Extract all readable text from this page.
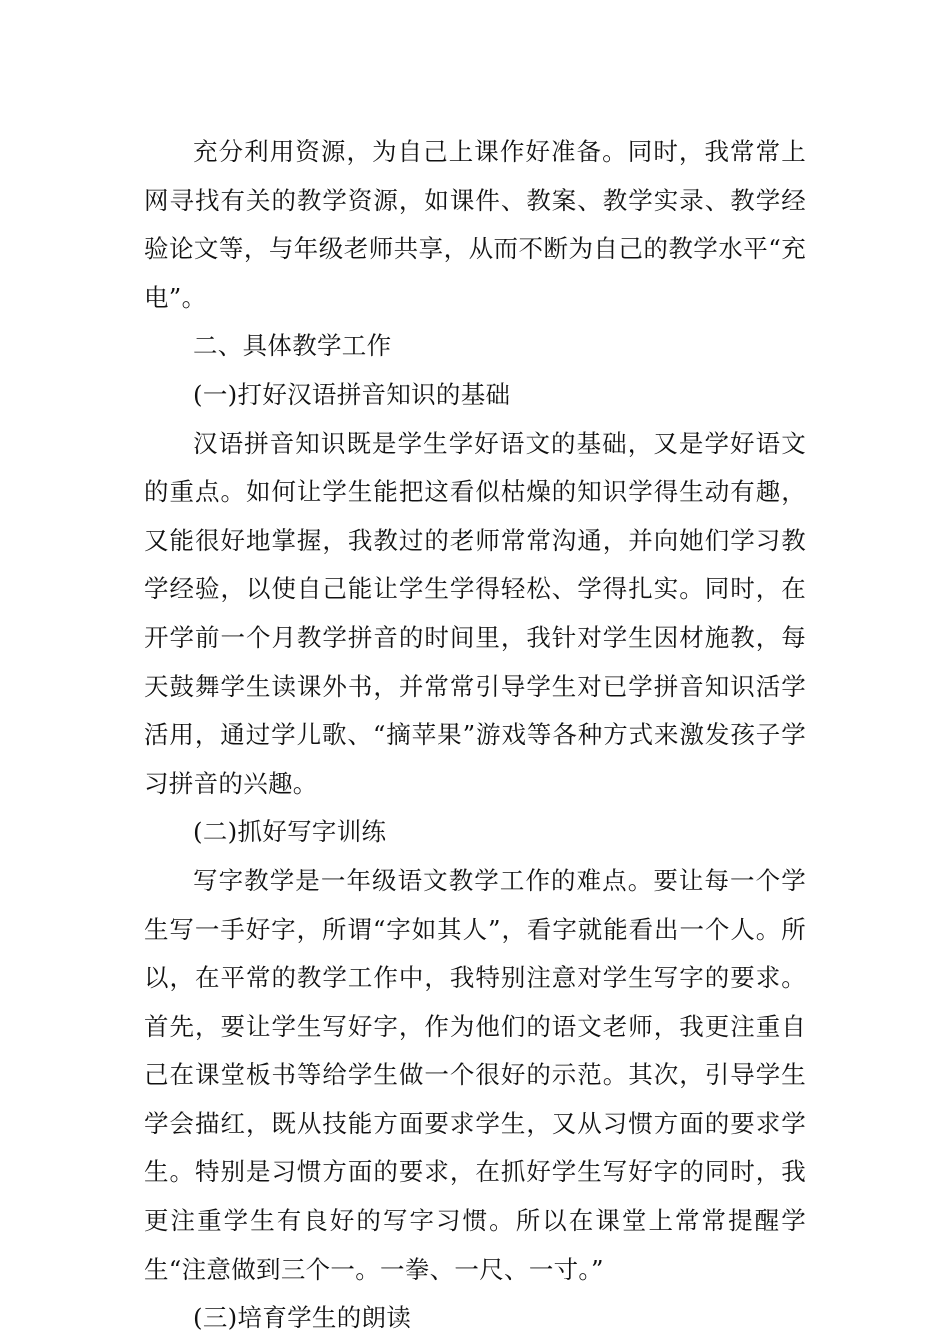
充分利用资源，为自己上课作好准备。同时，我常常上网寻找有关的教学资源，如课件、教案、教学实录、教学经验论文等，与年级老师共享，从而不断为自己的教学水平“充电”。

二、具体教学工作

(一)打好汉语拼音知识的基础

汉语拼音知识既是学生学好语文的基础，又是学好语文的重点。如何让学生能把这看似枯燥的知识学得生动有趣，又能很好地掌握，我教过的老师常常沟通，并向她们学习教学经验，以使自己能让学生学得轻松、学得扎实。同时，在开学前一个月教学拼音的时间里，我针对学生因材施教，每天鼓舞学生读课外书，并常常引导学生对已学拼音知识活学活用，通过学儿歌、“摘苹果”游戏等各种方式来激发孩子学习拼音的兴趣。

(二)抓好写字训练

写字教学是一年级语文教学工作的难点。要让每一个学生写一手好字，所谓“字如其人”，看字就能看出一个人。所以，在平常的教学工作中，我特别注意对学生写字的要求。首先，要让学生写好字，作为他们的语文老师，我更注重自己在课堂板书等给学生做一个很好的示范。其次，引导学生学会描红，既从技能方面要求学生，又从习惯方面的要求学生。特别是习惯方面的要求，在抓好学生写好字的同时，我更注重学生有良好的写字习惯。所以在课堂上常常提醒学生“注意做到三个一。一拳、一尺、一寸。”

(三)培育学生的朗读
